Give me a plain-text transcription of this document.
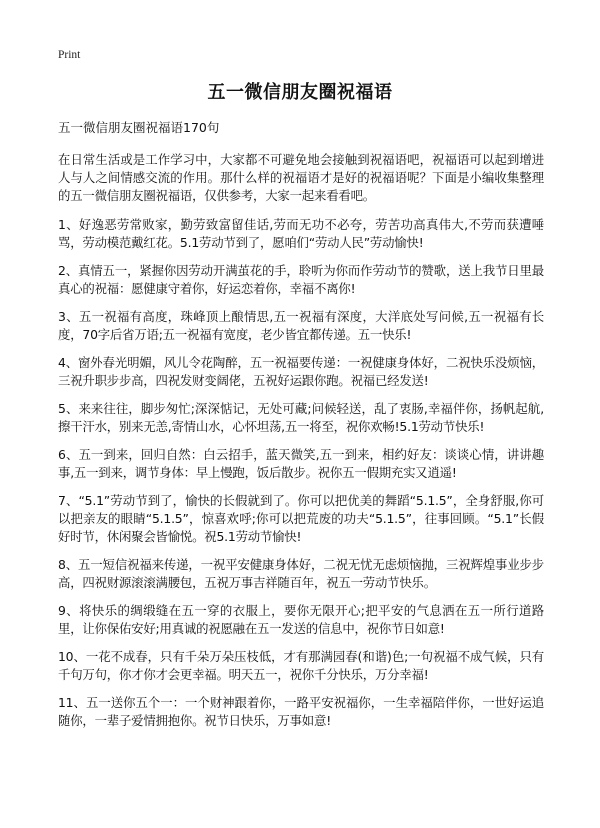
Print
五一微信朋友圈祝福语

五一微信朋友圈祝福语170句

在日常生活或是工作学习中，大家都不可避免地会接触到祝福语吧，祝福语可以起到增进人与人之间情感交流的作用。那什么样的祝福语才是好的祝福语呢？下面是小编收集整理的五一微信朋友圈祝福语，仅供参考，大家一起来看看吧。

1、好逸恶劳常败家，勤劳致富留佳话,劳而无功不必夸，劳苦功高真伟大,不劳而获遭唾骂，劳动模范戴红花。5.1劳动节到了，愿咱们“劳动人民”劳动愉快!

2、真情五一，紧握你因劳动开满茧花的手，聆听为你而作劳动节的赞歌，送上我节日里最真心的祝福：愿健康守着你，好运恋着你，幸福不离你!

3、五一祝福有高度，珠峰顶上酿情思,五一祝福有深度，大洋底处写问候,五一祝福有长度，70字后省万语;五一祝福有宽度，老少皆宜都传递。五一快乐!

4、窗外春光明媚，风儿令花陶醉，五一祝福要传递：一祝健康身体好，二祝快乐没烦恼，三祝升职步步高，四祝发财变阔佬，五祝好运跟你跑。祝福已经发送!

5、来来往往，脚步匆忙;深深惦记，无处可藏;问候轻送，乱了衷肠,幸福伴你，扬帆起航,擦干汗水，别来无恙,寄情山水，心怀坦荡,五一将至，祝你欢畅!5.1劳动节快乐!

6、五一到来，回归自然：白云招手，蓝天微笑,五一到来，相约好友：谈谈心情，讲讲趣事,五一到来，调节身体：早上慢跑，饭后散步。祝你五一假期充实又逍遥!

7、“5.1”劳动节到了，愉快的长假就到了。你可以把优美的舞蹈“5.1.5”，全身舒服,你可以把亲友的眼睛“5.1.5”，惊喜欢呼;你可以把荒废的功夫“5.1.5”，往事回顾。“5.1”长假好时节，休闲聚会皆愉悦。祝5.1劳动节愉快!

8、五一短信祝福来传递，一祝平安健康身体好，二祝无忧无虑烦恼抛，三祝辉煌事业步步高，四祝财源滚滚满腰包，五祝万事吉祥随百年，祝五一劳动节快乐。

9、将快乐的绸缎缝在五一穿的衣服上，要你无限开心;把平安的气息洒在五一所行道路里，让你保佑安好;用真诚的祝愿融在五一发送的信息中，祝你节日如意!

10、一花不成春，只有千朵万朵压枝低，才有那满园春(和谐)色;一句祝福不成气候，只有千句万句，你才你才会更幸福。明天五一，祝你千分快乐，万分幸福!

11、五一送你五个一：一个财神跟着你，一路平安祝福你，一生幸福陪伴你，一世好运追随你，一辈子爱情拥抱你。祝节日快乐，万事如意!
